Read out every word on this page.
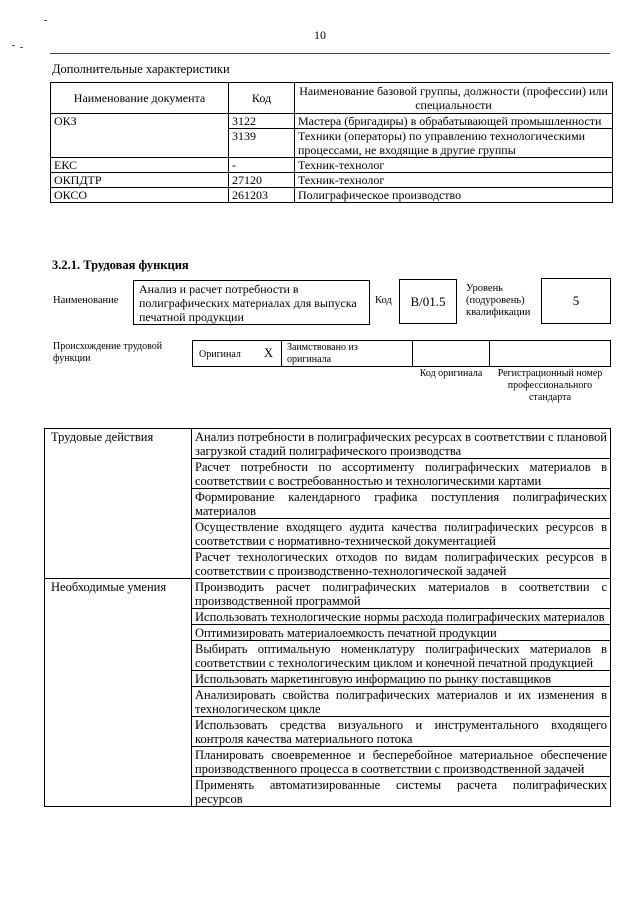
10
Дополнительные характеристики
Наименование документа	Код	Наименование базовой группы, должности (профессии) или специальности
ОКЗ	3122	Мастера (бригадиры) в обрабатывающей промышленности
	3139	Техники (операторы) по управлению технологическими процессами, не входящие в другие группы
ЕКС	-	Техник-технолог
ОКПДТР	27120	Техник-технолог
ОКСО	261203	Полиграфическое производство
3.2.1. Трудовая функция
Наименование
Анализ и расчет потребности в полиграфических материалах для выпуска печатной продукции
Код В/01.5
Уровень (подуровень) квалификации
5
Происхождение трудовой функции	Оригинал X Заимствовано из оригинала
Код оригинала Регистрационный номер профессионального стандарта
Трудовые действия	Анализ потребности в полиграфических ресурсах в соответствии с плановой загрузкой стадий полиграфического производства
	Расчет потребности по ассортименту полиграфических материалов в соответствии с востребованностью и технологическими картами
	Формирование календарного графика поступления полиграфических материалов
	Осуществление входящего аудита качества полиграфических ресурсов в соответствии с нормативно-технической документацией
	Расчет технологических отходов по видам полиграфических ресурсов в соответствии с производственно-технологической задачей
Необходимые умения	Производить расчет полиграфических материалов в соответствии с производственной программой
	Использовать технологические нормы расхода полиграфических материалов
	Оптимизировать материалоемкость печатной продукции
	Выбирать оптимальную номенклатуру полиграфических материалов в соответствии с технологическим циклом и конечной печатной продукцией
	Использовать маркетинговую информацию по рынку поставщиков
	Анализировать свойства полиграфических материалов и их изменения в технологическом цикле
	Использовать средства визуального и инструментального входящего контроля качества материального потока
	Планировать своевременное и бесперебойное материальное обеспечение производственного процесса в соответствии с производственной задачей
	Применять автоматизированные системы расчета полиграфических ресурсов
